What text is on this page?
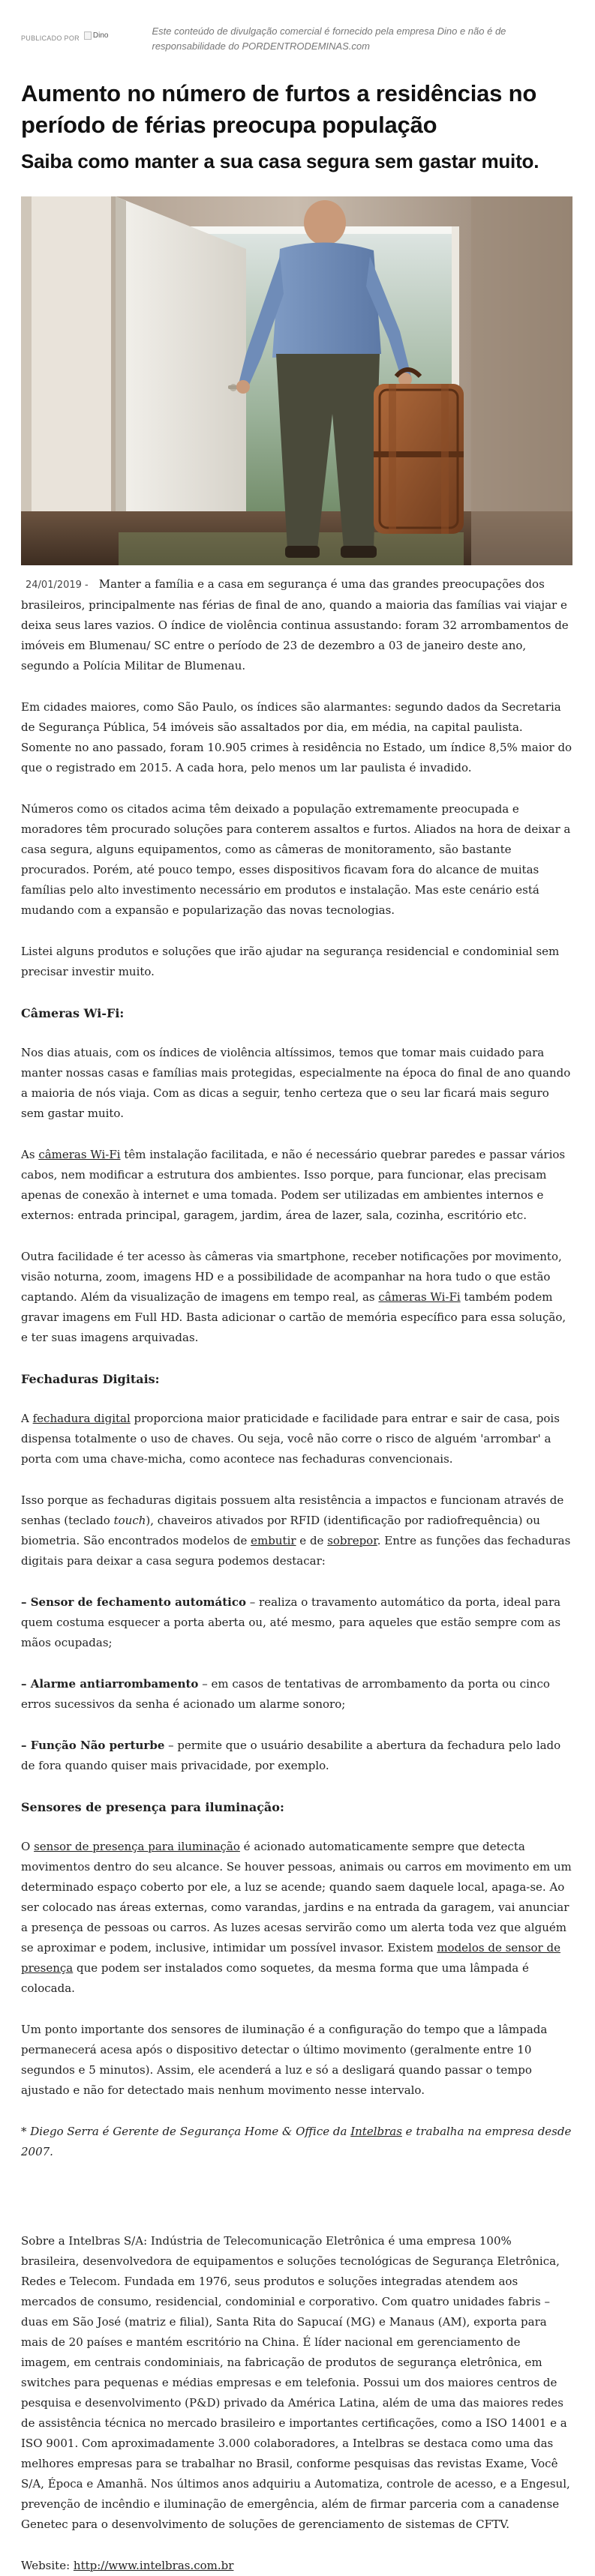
PUBLICADO POR Dino	Este conteúdo de divulgação comercial é fornecido pela empresa Dino e não é de responsabilidade do PORDENTRODEMINAS.com
Aumento no número de furtos a residências no período de férias preocupa população
Saiba como manter a sua casa segura sem gastar muito.

24/01/2019 - Manter a família e a casa em segurança é uma das grandes preocupações dos brasileiros, principalmente nas férias de final de ano, quando a maioria das famílias vai viajar e deixa seus lares vazios. O índice de violência continua assustando: foram 32 arrombamentos de imóveis em Blumenau/ SC entre o período de 23 de dezembro a 03 de janeiro deste ano, segundo a Polícia Militar de Blumenau.

Em cidades maiores, como São Paulo, os índices são alarmantes: segundo dados da Secretaria de Segurança Pública, 54 imóveis são assaltados por dia, em média, na capital paulista. Somente no ano passado, foram 10.905 crimes à residência no Estado, um índice 8,5% maior do que o registrado em 2015. A cada hora, pelo menos um lar paulista é invadido.

Números como os citados acima têm deixado a população extremamente preocupada e moradores têm procurado soluções para conterem assaltos e furtos. Aliados na hora de deixar a casa segura, alguns equipamentos, como as câmeras de monitoramento, são bastante procurados. Porém, até pouco tempo, esses dispositivos ficavam fora do alcance de muitas famílias pelo alto investimento necessário em produtos e instalação. Mas este cenário está mudando com a expansão e popularização das novas tecnologias.

Listei alguns produtos e soluções que irão ajudar na segurança residencial e condominial sem precisar investir muito.

Câmeras Wi-Fi:

Nos dias atuais, com os índices de violência altíssimos, temos que tomar mais cuidado para manter nossas casas e famílias mais protegidas, especialmente na época do final de ano quando a maioria de nós viaja. Com as dicas a seguir, tenho certeza que o seu lar ficará mais seguro sem gastar muito.

As câmeras Wi-Fi têm instalação facilitada, e não é necessário quebrar paredes e passar vários cabos, nem modificar a estrutura dos ambientes. Isso porque, para funcionar, elas precisam apenas de conexão à internet e uma tomada. Podem ser utilizadas em ambientes internos e externos: entrada principal, garagem, jardim, área de lazer, sala, cozinha, escritório etc.

Outra facilidade é ter acesso às câmeras via smartphone, receber notificações por movimento, visão noturna, zoom, imagens HD e a possibilidade de acompanhar na hora tudo o que estão captando. Além da visualização de imagens em tempo real, as câmeras Wi-Fi também podem gravar imagens em Full HD. Basta adicionar o cartão de memória específico para essa solução, e ter suas imagens arquivadas.

Fechaduras Digitais:

A fechadura digital proporciona maior praticidade e facilidade para entrar e sair de casa, pois dispensa totalmente o uso de chaves. Ou seja, você não corre o risco de alguém 'arrombar' a porta com uma chave-micha, como acontece nas fechaduras convencionais.

Isso porque as fechaduras digitais possuem alta resistência a impactos e funcionam através de senhas (teclado touch), chaveiros ativados por RFID (identificação por radiofrequência) ou biometria. São encontrados modelos de embutir e de sobrepor. Entre as funções das fechaduras digitais para deixar a casa segura podemos destacar:

– Sensor de fechamento automático – realiza o travamento automático da porta, ideal para quem costuma esquecer a porta aberta ou, até mesmo, para aqueles que estão sempre com as mãos ocupadas;

– Alarme antiarrombamento – em casos de tentativas de arrombamento da porta ou cinco erros sucessivos da senha é acionado um alarme sonoro;

– Função Não perturbe – permite que o usuário desabilite a abertura da fechadura pelo lado de fora quando quiser mais privacidade, por exemplo.

Sensores de presença para iluminação:

O sensor de presença para iluminação é acionado automaticamente sempre que detecta movimentos dentro do seu alcance. Se houver pessoas, animais ou carros em movimento em um determinado espaço coberto por ele, a luz se acende; quando saem daquele local, apaga-se. Ao ser colocado nas áreas externas, como varandas, jardins e na entrada da garagem, vai anunciar a presença de pessoas ou carros. As luzes acesas servirão como um alerta toda vez que alguém se aproximar e podem, inclusive, intimidar um possível invasor. Existem modelos de sensor de presença que podem ser instalados como soquetes, da mesma forma que uma lâmpada é colocada.

Um ponto importante dos sensores de iluminação é a configuração do tempo que a lâmpada permanecerá acesa após o dispositivo detectar o último movimento (geralmente entre 10 segundos e 5 minutos). Assim, ele acenderá a luz e só a desligará quando passar o tempo ajustado e não for detectado mais nenhum movimento nesse intervalo.

* Diego Serra é Gerente de Segurança Home & Office da Intelbras e trabalha na empresa desde 2007.

Sobre a Intelbras S/A: Indústria de Telecomunicação Eletrônica é uma empresa 100% brasileira, desenvolvedora de equipamentos e soluções tecnológicas de Segurança Eletrônica, Redes e Telecom. Fundada em 1976, seus produtos e soluções integradas atendem aos mercados de consumo, residencial, condominial e corporativo. Com quatro unidades fabris – duas em São José (matriz e filial), Santa Rita do Sapucaí (MG) e Manaus (AM), exporta para mais de 20 países e mantém escritório na China. É líder nacional em gerenciamento de imagem, em centrais condominiais, na fabricação de produtos de segurança eletrônica, em switches para pequenas e médias empresas e em telefonia. Possui um dos maiores centros de pesquisa e desenvolvimento (P&D) privado da América Latina, além de uma das maiores redes de assistência técnica no mercado brasileiro e importantes certificações, como a ISO 14001 e a ISO 9001. Com aproximadamente 3.000 colaboradores, a Intelbras se destaca como uma das melhores empresas para se trabalhar no Brasil, conforme pesquisas das revistas Exame, Você S/A, Época e Amanhã. Nos últimos anos adquiriu a Automatiza, controle de acesso, e a Engesul, prevenção de incêndio e iluminação de emergência, além de firmar parceria com a canadense Genetec para o desenvolvimento de soluções de gerenciamento de sistemas de CFTV.

Website: http://www.intelbras.com.br
